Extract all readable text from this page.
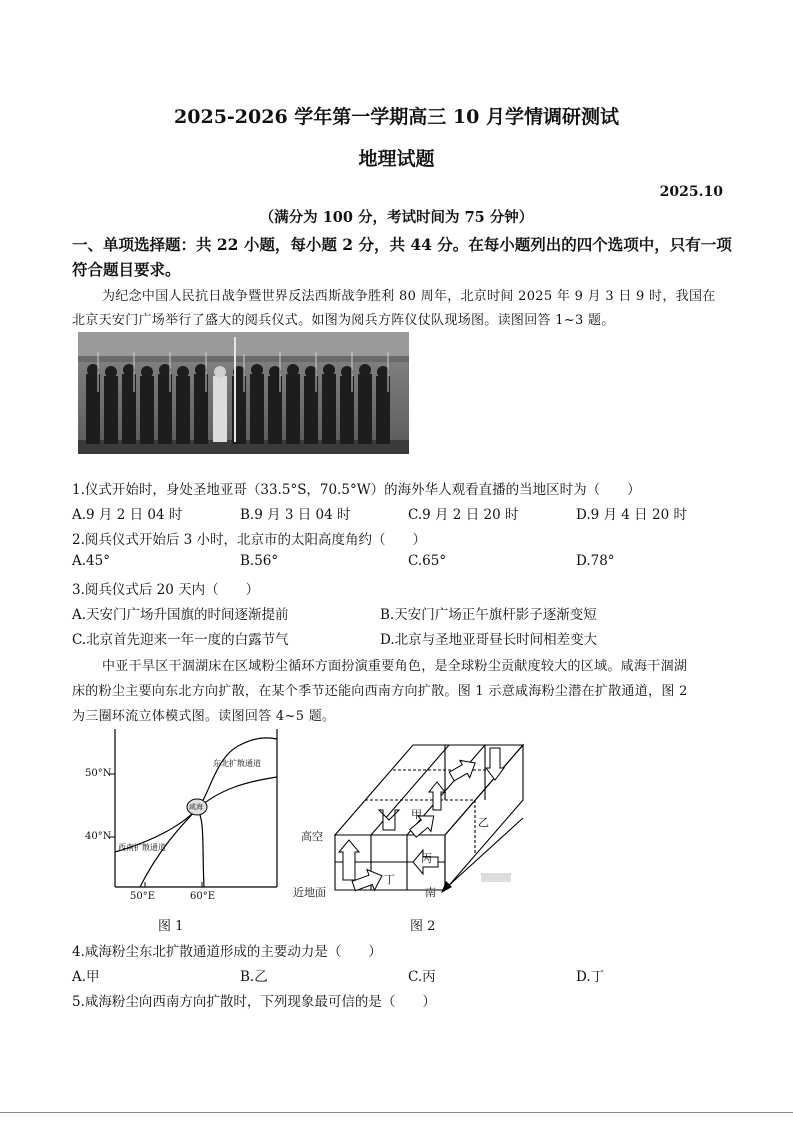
2025-2026 学年第一学期高三 10 月学情调研测试
地理试题
2025.10
（满分为 100 分，考试时间为 75 分钟）
一、单项选择题：共 22 小题，每小题 2 分，共 44 分。在每小题列出的四个选项中，只有一项
符合题目要求。
为纪念中国人民抗日战争暨世界反法西斯战争胜利 80 周年，北京时间 2025 年 9 月 3 日 9 时，我国在
北京天安门广场举行了盛大的阅兵仪式。如图为阅兵方阵仪仗队现场图。读图回答 1~3 题。
1.仪式开始时，身处圣地亚哥（33.5°S，70.5°W）的海外华人观看直播的当地区时为（　　）
A.9 月 2 日 04 时	B.9 月 3 日 04 时	C.9 月 2 日 20 时	D.9 月 4 日 20 时
2.阅兵仪式开始后 3 小时，北京市的太阳高度角约（　　）
A.45°	B.56°	C.65°	D.78°
3.阅兵仪式后 20 天内（　　）
A.天安门广场升国旗的时间逐渐提前	B.天安门广场正午旗杆影子逐渐变短
C.北京首先迎来一年一度的白露节气	D.北京与圣地亚哥昼长时间相差变大
中亚干旱区干涸湖床在区域粉尘循环方面扮演重要角色，是全球粉尘贡献度较大的区域。咸海干涸湖
床的粉尘主要向东北方向扩散，在某个季节还能向西南方向扩散。图 1 示意咸海粉尘潜在扩散通道，图 2
为三圈环流立体模式图。读图回答 4~5 题。
50°N
40°N
50°E	60°E
东北扩散通道
西南扩散通道
咸海
图 1
高空
近地面	南
甲
乙
丙
丁
图 2
4.咸海粉尘东北扩散通道形成的主要动力是（　　）
A.甲	B.乙	C.丙	D.丁
5.咸海粉尘向西南方向扩散时，下列现象最可信的是（　　）
